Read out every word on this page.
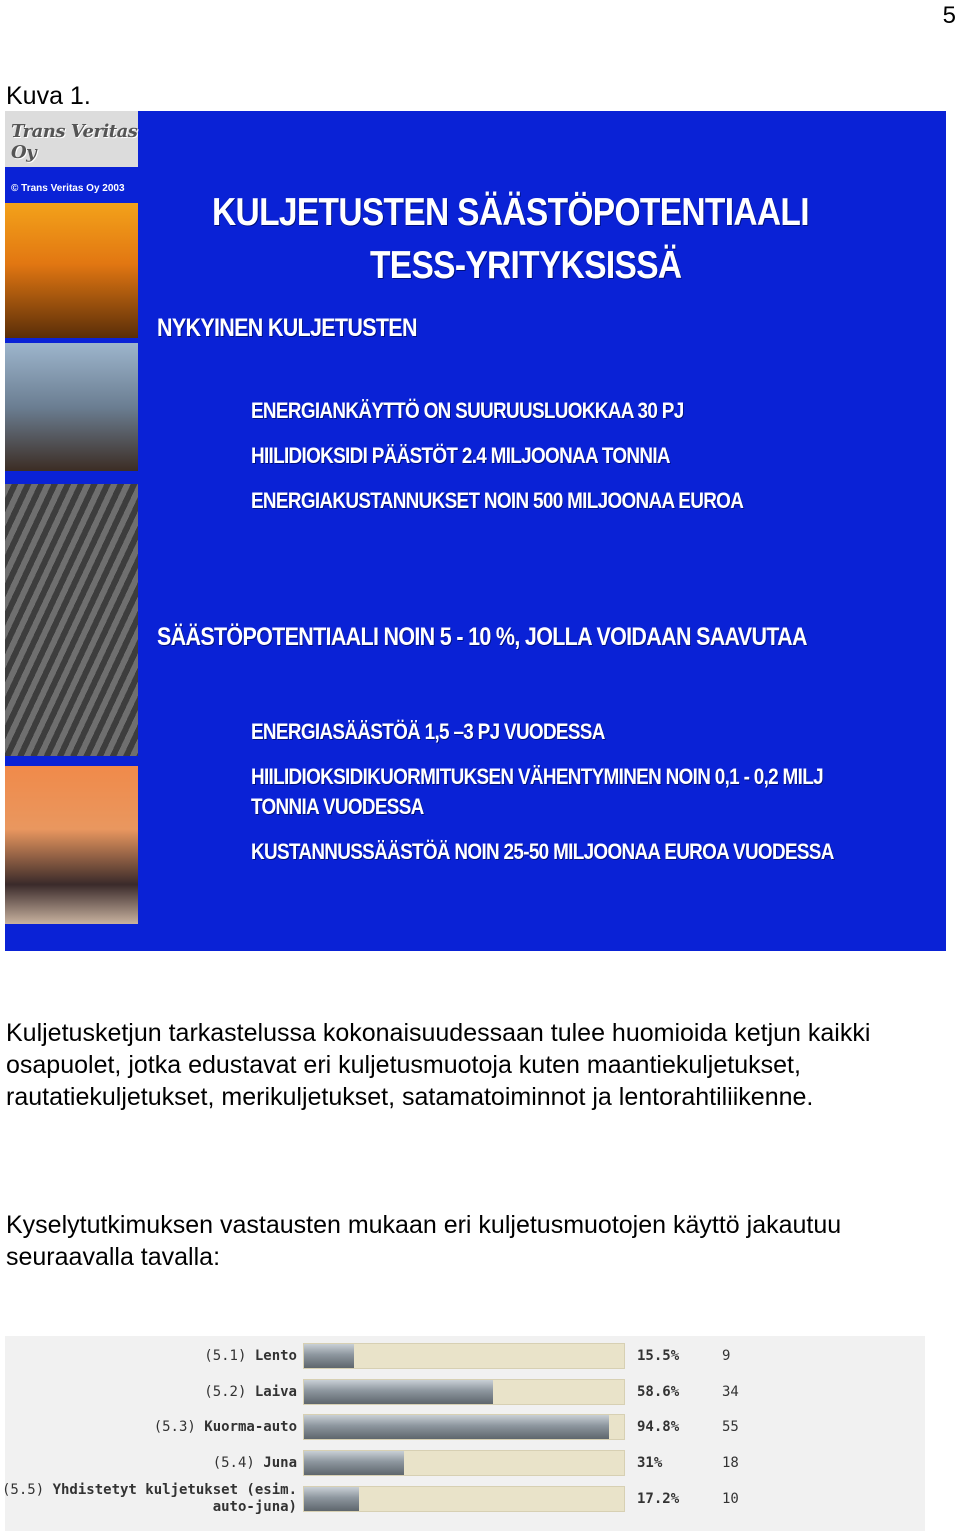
5
Kuva 1.
Trans Veritas Oy
© Trans Veritas Oy 2003
KULJETUSTEN SÄÄSTÖPOTENTIAALI
TESS-YRITYKSISSÄ
NYKYINEN KULJETUSTEN
ENERGIANKÄYTTÖ ON SUURUUSLUOKKAA 30 PJ
HIILIDIOKSIDI PÄÄSTÖT 2.4 MILJOONAA TONNIA
ENERGIAKUSTANNUKSET NOIN 500 MILJOONAA EUROA
SÄÄSTÖPOTENTIAALI NOIN 5 - 10 %, JOLLA VOIDAAN SAAVUTAA
ENERGIASÄÄSTÖÄ 1,5 –3 PJ VUODESSA
HIILIDIOKSIDIKUORMITUKSEN VÄHENTYMINEN NOIN 0,1 - 0,2 MILJ
TONNIA VUODESSA
KUSTANNUSSÄÄSTÖÄ NOIN 25-50 MILJOONAA EUROA VUODESSA
Kuljetusketjun tarkastelussa kokonaisuudessaan tulee huomioida ketjun kaikki osapuolet, jotka edustavat eri kuljetusmuotoja kuten maantiekuljetukset, rautatiekuljetukset, merikuljetukset, satamatoiminnot ja lentorahtiliikenne.
Kyselytutkimuksen vastausten mukaan eri kuljetusmuotojen käyttö jakautuu seuraavalla tavalla:
(5.1) Lento	15.5%	9
(5.2) Laiva	58.6%	34
(5.3) Kuorma-auto	94.8%	55
(5.4) Juna	31%	18
(5.5) Yhdistetyt kuljetukset (esim.
auto-juna)	17.2%	10
